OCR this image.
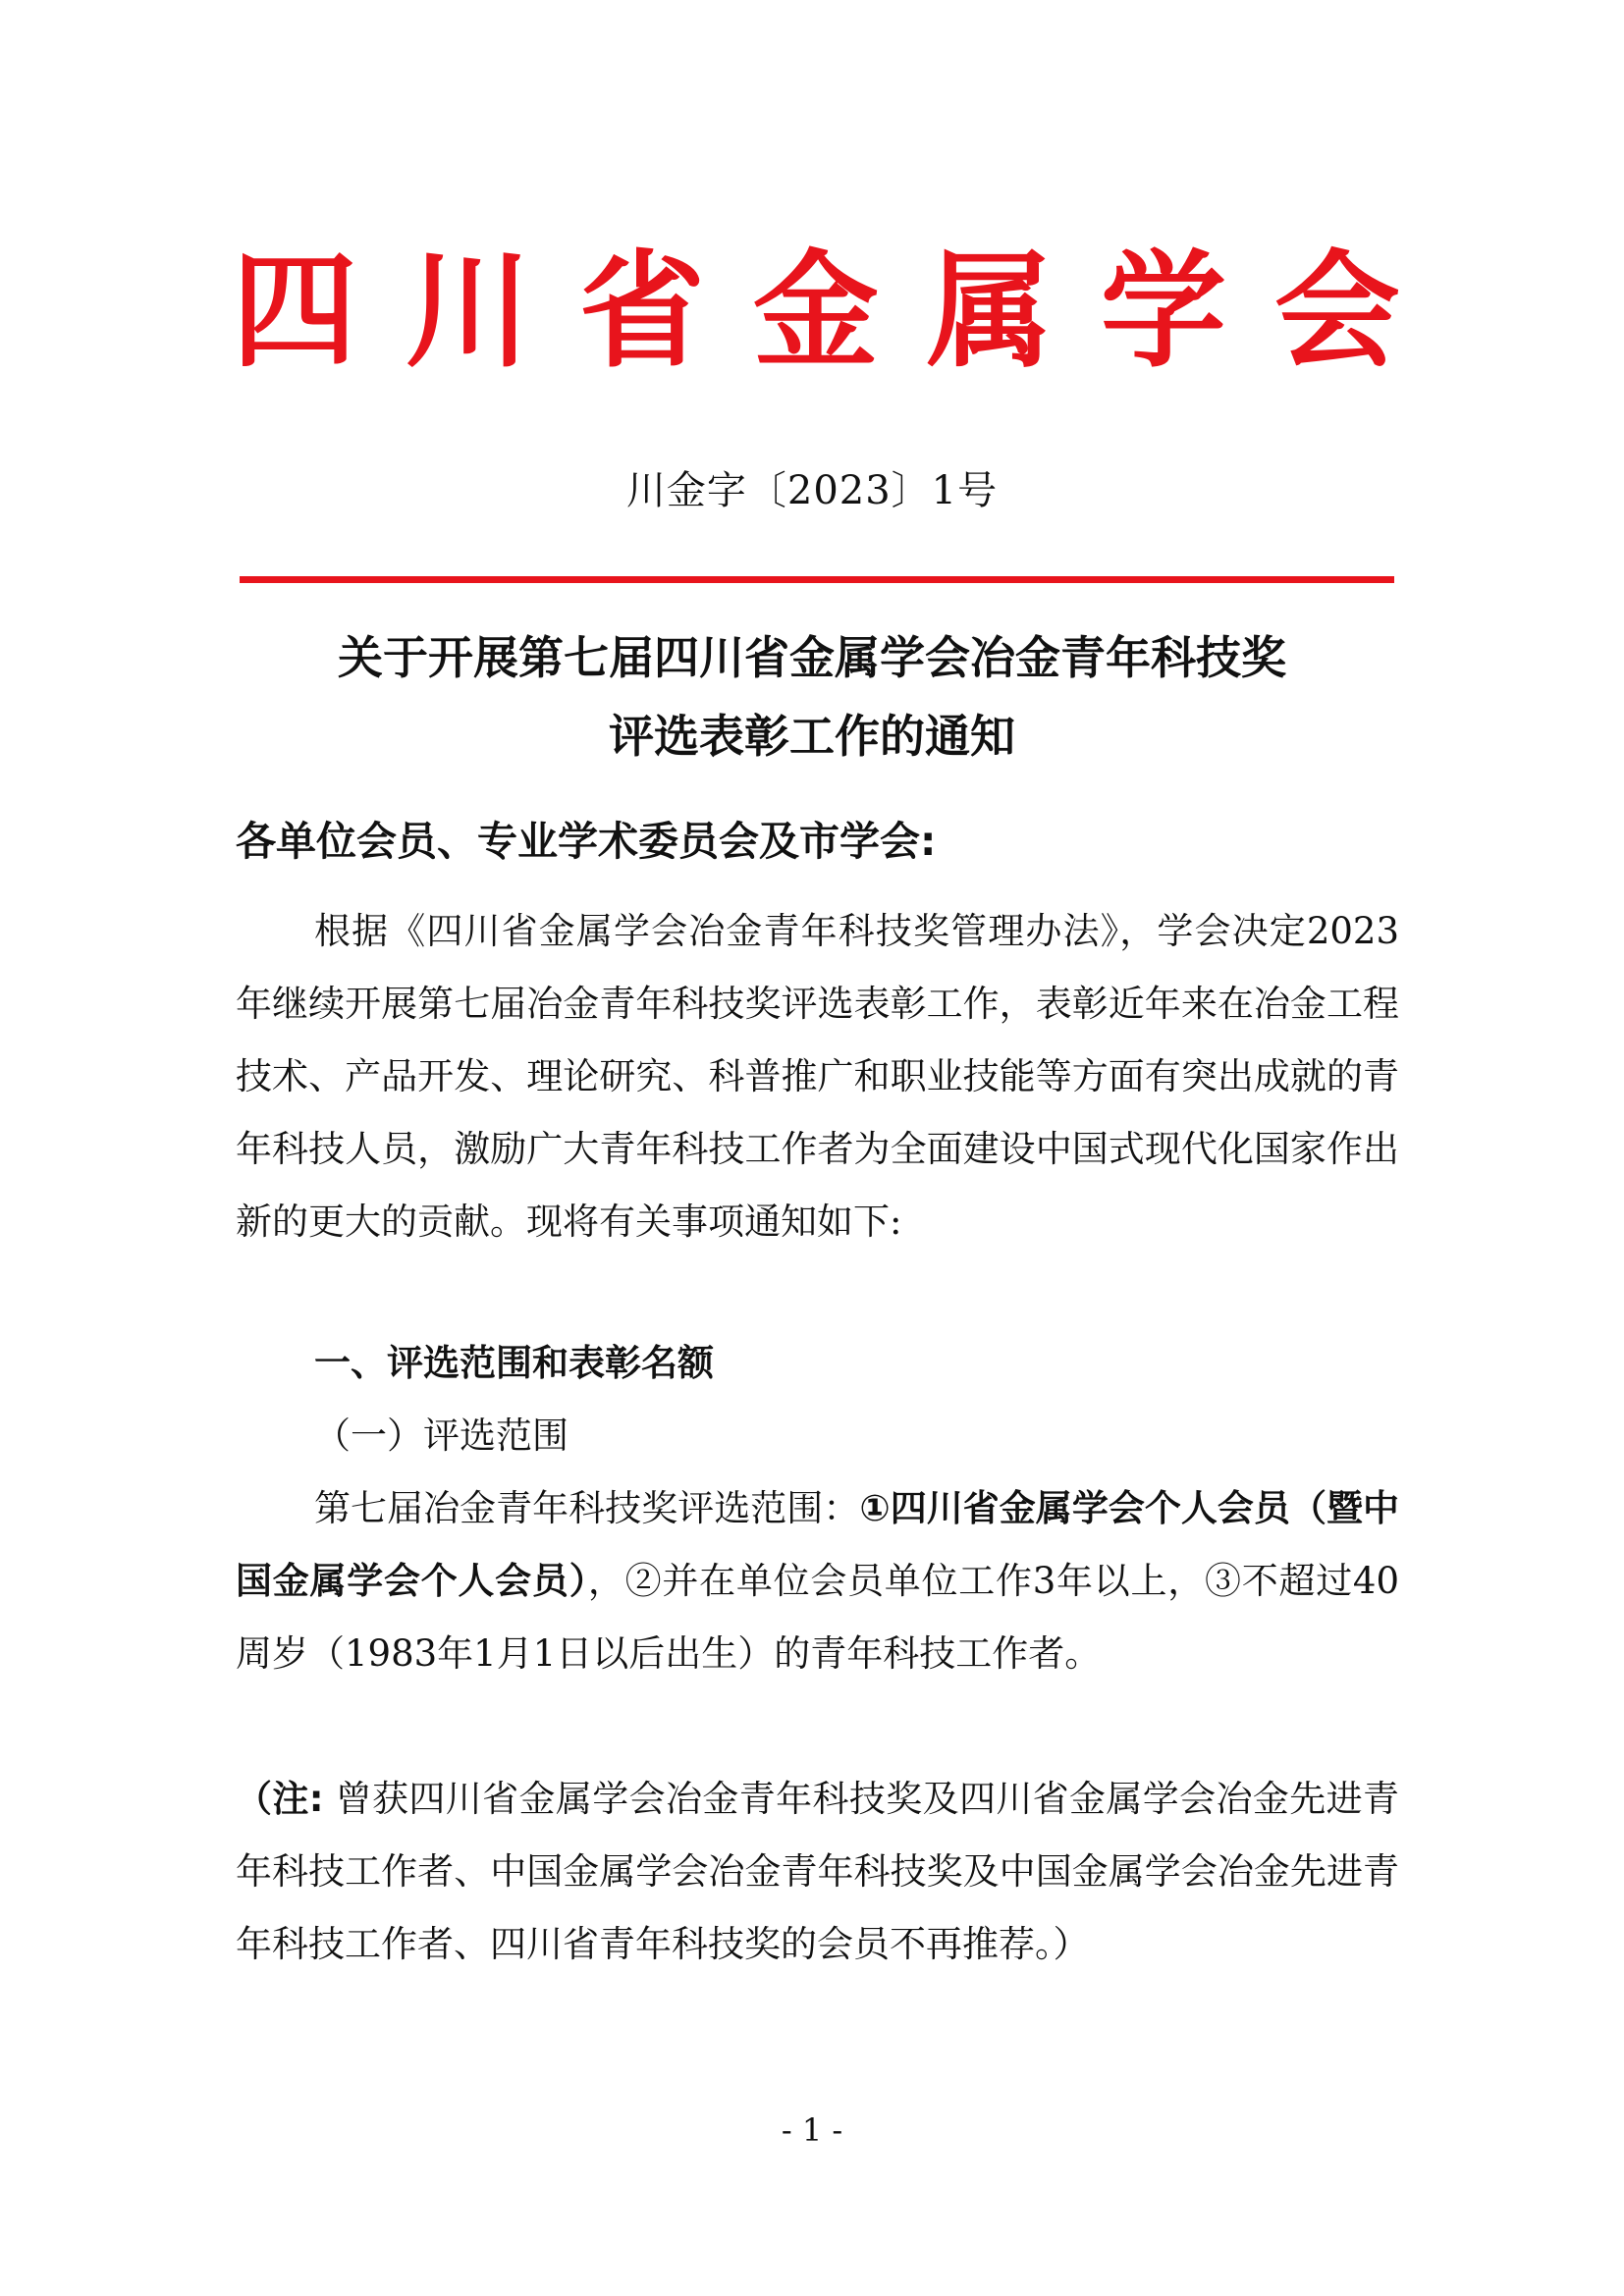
四 川 省 金 属 学 会
川金字〔2023〕1号
关于开展第七届四川省金属学会冶金青年科技奖
评选表彰工作的通知
各单位会员、专业学术委员会及市学会:

根据《四川省金属学会冶金青年科技奖管理办法》，学会决定2023年继续开展第七届冶金青年科技奖评选表彰工作，表彰近年来在冶金工程技术、产品开发、理论研究、科普推广和职业技能等方面有突出成就的青年科技人员，激励广大青年科技工作者为全面建设中国式现代化国家作出新的更大的贡献。现将有关事项通知如下:

一、评选范围和表彰名额
（一）评选范围

第七届冶金青年科技奖评选范围：①四川省金属学会个人会员（暨中国金属学会个人会员），②并在单位会员单位工作3年以上，③不超过40周岁（1983年1月1日以后出生）的青年科技工作者。

（注: 曾获四川省金属学会冶金青年科技奖及四川省金属学会冶金先进青年科技工作者、中国金属学会冶金青年科技奖及中国金属学会冶金先进青年科技工作者、四川省青年科技奖的会员不再推荐。）

- 1 -
